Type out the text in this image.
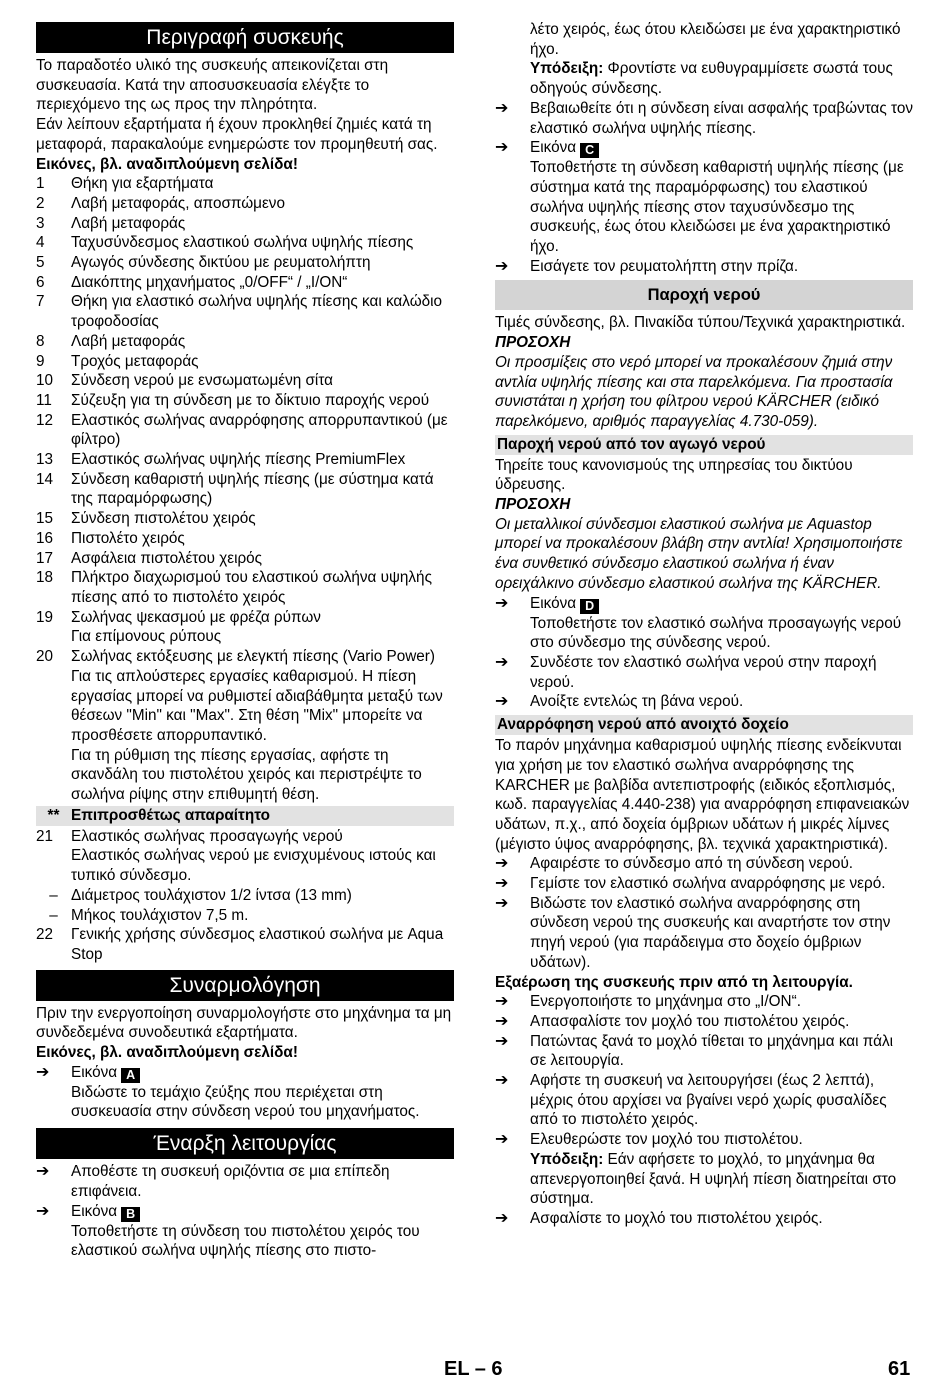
Περιγραφή συσκευής

Το παραδοτέο υλικό της συσκευής απεικονίζεται στη συσκευασία. Κατά την αποσυσκευασία ελέγξτε το περιεχόμενο της ως προς την πληρότητα.

Εάν λείπουν εξαρτήματα ή έχουν προκληθεί ζημιές κατά τη μεταφορά, παρακαλούμε ενημερώστε τον προμηθευτή σας.

Εικόνες, βλ. αναδιπλούμενη σελίδα!

1	Θήκη για εξαρτήματα
2	Λαβή μεταφοράς, αποσπώμενο
3	Λαβή μεταφοράς
4	Ταχυσύνδεσμος ελαστικού σωλήνα υψηλής πίεσης
5	Αγωγός σύνδεσης δικτύου με ρευματολήπτη
6	Διακόπτης μηχανήματος „0/OFF“ / „I/ON“
7	Θήκη για ελαστικό σωλήνα υψηλής πίεσης και καλώδιο τροφοδοσίας
8	Λαβή μεταφοράς
9	Τροχός μεταφοράς
10	Σύνδεση νερού με ενσωματωμένη σίτα
11	Σύζευξη για τη σύνδεση με το δίκτυιο παροχής νερού
12	Ελαστικός σωλήνας αναρρόφησης απορρυπαντικού (με φίλτρο)
13	Ελαστικός σωλήνας υψηλής πίεσης PremiumFlex
14	Σύνδεση καθαριστή υψηλής πίεσης (με σύστημα κατά της παραμόρφωσης)
15	Σύνδεση πιστολέτου χειρός
16	Πιστολέτο χειρός
17	Ασφάλεια πιστολέτου χειρός
18	Πλήκτρο διαχωρισμού του ελαστικού σωλήνα υψηλής πίεσης από το πιστολέτο χειρός
19	Σωλήνας ψεκασμού με φρέζα ρύπων
Για επίμονους ρύπους
20	Σωλήνας εκτόξευσης με ελεγκτή πίεσης (Vario Power)
Για τις απλούστερες εργασίες καθαρισμού. Η πίεση εργασίας μπορεί να ρυθμιστεί αδιαβάθμητα μεταξύ των θέσεων "Min" και "Max". Στη θέση "Mix" μπορείτε να προσθέσετε απορρυπαντικό.
Για τη ρύθμιση της πίεσης εργασίας, αφήστε τη σκανδάλη του πιστολέτου χειρός και περιστρέψτε το σωλήνα ρίψης στην επιθυμητή θέση.
** Επιπροσθέτως απαραίτητο
21	Ελαστικός σωλήνας προσαγωγής νερού
Ελαστικός σωλήνας νερού με ενισχυμένους ιστούς και τυπικό σύνδεσμο.
– Διάμετρος τουλάχιστον 1/2 ίντσα (13 mm)
– Μήκος τουλάχιστον 7,5 m.
22	Γενικής χρήσης σύνδεσμος ελαστικού σωλήνα με Aqua Stop
Συναρμολόγηση

Πριν την ενεργοποίηση συναρμολογήστε στο μηχάνημα τα μη συνδεδεμένα συνοδευτικά εξαρτήματα.

Εικόνες, βλ. αναδιπλούμενη σελίδα!

➔	Εικόνα A
Βιδώστε το τεμάχιο ζεύξης που περιέχεται στη συσκευασία στην σύνδεση νερού του μηχανήματος.
Έναρξη λειτουργίας
➔	Αποθέστε τη συσκευή οριζόντια σε μια επίπεδη επιφάνεια.
➔	Εικόνα B
Τοποθετήστε τη σύνδεση του πιστολέτου χειρός του ελαστικού σωλήνα υψηλής πίεσης στο πιστο-
λέτο χειρός, έως ότου κλειδώσει με ένα χαρακτηριστικό ήχο.
Υπόδειξη: Φροντίστε να ευθυγραμμίσετε σωστά τους οδηγούς σύνδεσης.
➔	Βεβαιωθείτε ότι η σύνδεση είναι ασφαλής τραβώντας τον ελαστικό σωλήνα υψηλής πίεσης.
➔	Εικόνα C
Τοποθετήστε τη σύνδεση καθαριστή υψηλής πίεσης (με σύστημα κατά της παραμόρφωσης) του ελαστικού σωλήνα υψηλής πίεσης στον ταχυσύνδεσμο της συσκευής, έως ότου κλειδώσει με ένα χαρακτηριστικό ήχο.
➔	Εισάγετε τον ρευματολήπτη στην πρίζα.
Παροχή νερού

Τιμές σύνδεσης, βλ. Πινακίδα τύπου/Τεχνικά χαρακτηριστικά.

ΠΡΟΣΟΧΗ

Οι προσμίξεις στο νερό μπορεί να προκαλέσουν ζημιά στην αντλία υψηλής πίεσης και στα παρελκόμενα. Για προστασία συνιστάται η χρήση του φίλτρου νερού KÄRCHER (ειδικό παρελκόμενο, αριθμός παραγγελίας 4.730-059).

Παροχή νερού από τον αγωγό νερού

Τηρείτε τους κανονισμούς της υπηρεσίας του δικτύου ύδρευσης.

ΠΡΟΣΟΧΗ

Οι μεταλλικοί σύνδεσμοι ελαστικού σωλήνα με Aquastop μπορεί να προκαλέσουν βλάβη στην αντλία! Χρησιμοποιήστε ένα συνθετικό σύνδεσμο ελαστικού σωλήνα ή έναν ορειχάλκινο σύνδεσμο ελαστικού σωλήνα της KÄRCHER.

➔	Εικόνα D
Τοποθετήστε τον ελαστικό σωλήνα προσαγωγής νερού στο σύνδεσμο της σύνδεσης νερού.
➔	Συνδέστε τον ελαστικό σωλήνα νερού στην παροχή νερού.
➔	Ανοίξτε εντελώς τη βάνα νερού.
Αναρρόφηση νερού από ανοιχτό δοχείο

Το παρόν μηχάνημα καθαρισμού υψηλής πίεσης ενδείκνυται για χρήση με τον ελαστικό σωλήνα αναρρόφησης της KARCHER με βαλβίδα αντεπιστροφής (ειδικός εξοπλισμός, κωδ. παραγγελίας 4.440-238) για αναρρόφηση επιφανειακών υδάτων, π.χ., από δοχεία όμβριων υδάτων ή μικρές λίμνες (μέγιστο ύψος αναρρόφησης, βλ. τεχνικά χαρακτηριστικά).

➔	Αφαιρέστε το σύνδεσμο από τη σύνδεση νερού.
➔	Γεμίστε τον ελαστικό σωλήνα αναρρόφησης με νερό.
➔	Βιδώστε τον ελαστικό σωλήνα αναρρόφησης στη σύνδεση νερού της συσκευής και αναρτήστε τον στην πηγή νερού (για παράδειγμα στο δοχείο όμβριων υδάτων).

Εξαέρωση της συσκευής πριν από τη λειτουργία.

➔	Ενεργοποιήστε το μηχάνημα στο „I/ON“.
➔	Απασφαλίστε τον μοχλό του πιστολέτου χειρός.
➔	Πατώντας ξανά το μοχλό τίθεται το μηχάνημα και πάλι σε λειτουργία.
➔	Αφήστε τη συσκευή να λειτουργήσει (έως 2 λεπτά), μέχρις ότου αρχίσει να βγαίνει νερό χωρίς φυσαλίδες από το πιστολέτο χειρός.
➔	Ελευθερώστε τον μοχλό του πιστολέτου.
Υπόδειξη: Εάν αφήσετε το μοχλό, το μηχάνημα θα απενεργοποιηθεί ξανά. Η υψηλή πίεση διατηρείται στο σύστημα.
➔	Ασφαλίστε το μοχλό του πιστολέτου χειρός.
EL – 6	61
